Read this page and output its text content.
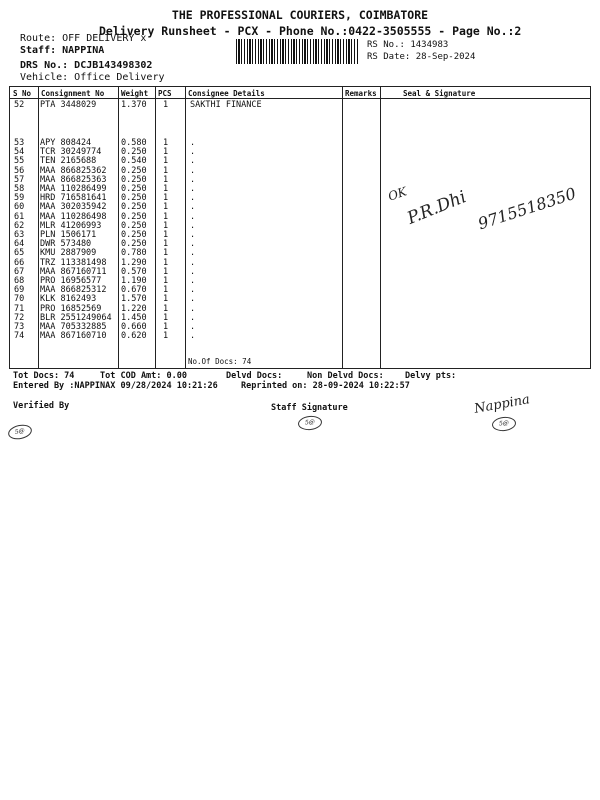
THE PROFESSIONAL COURIERS, COIMBATORE
Delivery Runsheet - PCX - Phone No.:0422-3505555 - Page No.:2
Route: OFF DELIVERY x
Staff: NAPPINA
DRS No.: DCJB143498302
Vehicle: Office Delivery
RS No.: 1434983
RS Date: 28-Sep-2024
S No Consignment No Weight PCS Consignee Details	Remarks	Seal & Signature
52 PTA 3448029	1.370 1	SAKTHI FINANCE
53 APY 808424	0.580 1	.
54 TCR 30249774 0.250 1	.
55 TEN 2165688	0.540 1	.
56 MAA 866825362 0.250 1	.
57 MAA 866825363 0.250 1	.
58 MAA 110286499 0.250 1	.
59 HRD 716581641 0.250 1	.
60 MAA 302035942 0.250 1	.
61 MAA 110286498 0.250 1	.
62 MLR 41206993 0.250 1	.
63 PLN 1506171	0.250 1	.
64 DWR 573480	0.250 1	.
65 KMU 2887909	0.780 1	.
66 TRZ 113381498 1.290 1	.
67 MAA 867160711 0.570 1	.
68 PRO 16956577 1.190 1	.
69 MAA 866825312 0.670 1	.
70 KLK 8162493	1.570 1	.
71 PRO 16852569 1.220 1	.
72 BLR 2551249064 1.450 1	.
73 MAA 705332885 0.660 1	.
74 MAA 867160710 0.620 1	.
No.Of Docs: 74
OK
P.R.Dhi 9715518350
Tot Docs: 74	Tot COD Amt: 0.00	Delvd Docs:	Non Delvd Docs: Delvy pts:
Entered By :NAPPINAX 09/28/2024 10:21:26	Reprinted on: 28-09-2024 10:22:57
Verified By	Staff Signature
5@
5@
Nappina
5@
